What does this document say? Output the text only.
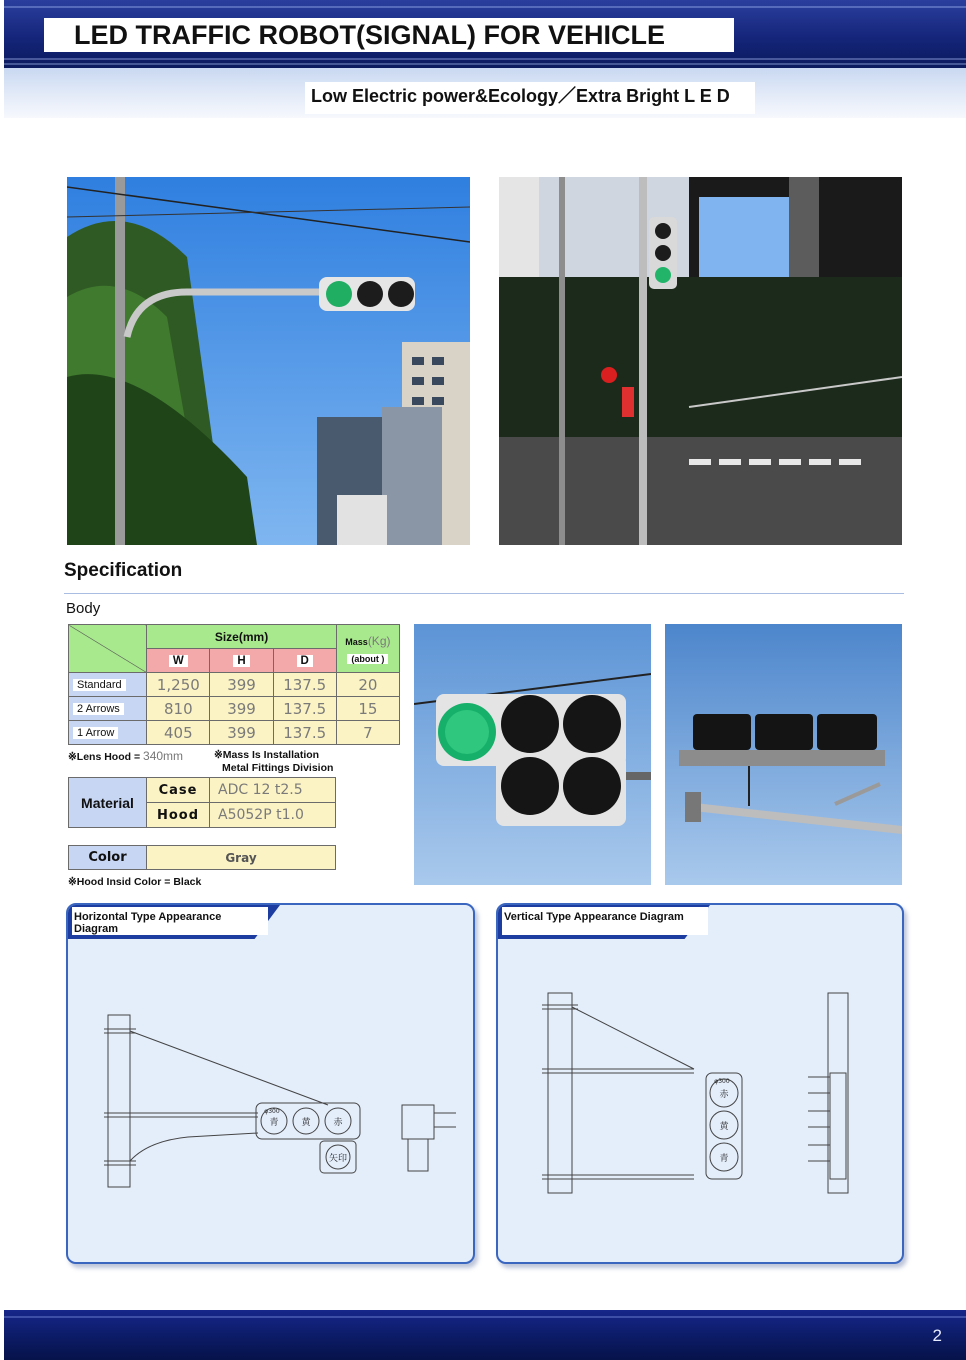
LED TRAFFIC ROBOT(SIGNAL) FOR VEHICLE
Low Electric power&Ecology／Extra Bright L E D
Specification
Body
	Size(mm)			Mass(Kg)
(about )

	W	H	D	
Standard	1,250	399	137.5	20
2 Arrows	810	399	137.5	15
1 Arrow	405	399	137.5	7
※Lens Hood = 340mm	※Mass Is Installation
Metal Fittings Division
Material	Case	ADC 12 t2.5
	Hood	A5052P t1.0
Color	Gray
※Hood Insid Color = Black
Horizontal Type Appearance Diagram
青	黄	赤
矢印
φ300
Vertical Type Appearance Diagram
赤
黄
青
φ300
2
